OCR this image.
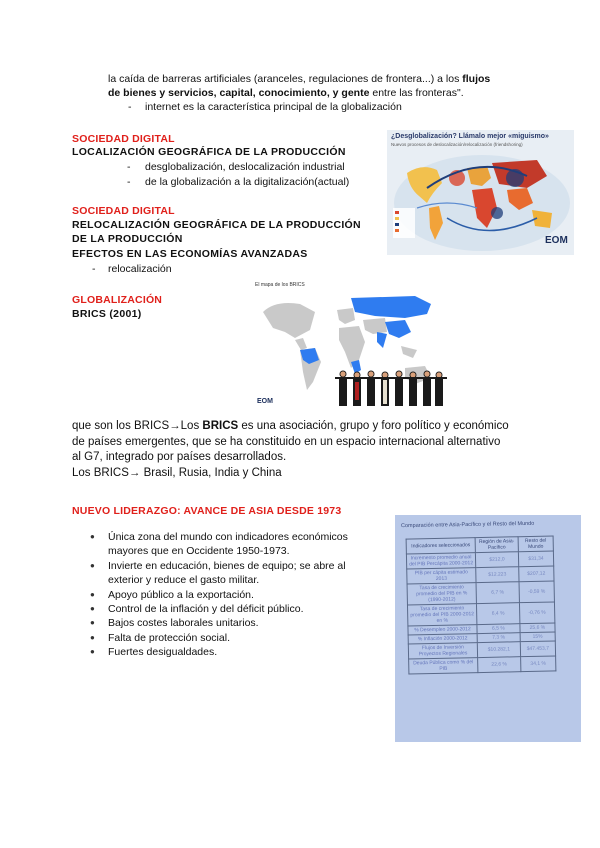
la caída de barreras artificiales (aranceles, regulaciones de frontera...) a los flujos
de bienes y servicios, capital, conocimiento, y gente entre las fronteras".
- internet es la característica principal de la globalización
SOCIEDAD DIGITAL
LOCALIZACIÓN GEOGRÁFICA DE LA PRODUCCIÓN
- desglobalización, deslocalización industrial
- de la globalización a la digitalización(actual)
¿Desglobalización? Llámalo mejor «miguismo»
Nuevos procesos de deslocalización/relocalización (friendshoring)
EOM
SOCIEDAD DIGITAL
RELOCALIZACIÓN GEOGRÁFICA DE LA PRODUCCIÓN
DE LA PRODUCCIÓN
EFECTOS EN LAS ECONOMÍAS AVANZADAS
- relocalización
GLOBALIZACIÓN
BRICS (2001)
El mapa de los BRICS
EOM
que son los BRICS→Los BRICS es una asociación, grupo y foro político y económico
de países emergentes, que se ha constituido en un espacio internacional alternativo
al G7, integrado por países desarrollados.
Los BRICS→ Brasil, Rusia, India y China
NUEVO LIDERAZGO: AVANCE DE ASIA DESDE 1973
● Única zona del mundo con indicadores económicos mayores que en Occidente 1950-1973.
● Invierte en educación, bienes de equipo; se abre al exterior y reduce el gasto militar.
● Apoyo público a la exportación.
● Control de la inflación y del déficit público.
● Bajos costes laborales unitarios.
● Falta de protección social.
● Fuertes desigualdades.
Comparación entre Asia-Pacífico y el Resto del Mundo
Indicadores seleccionados	Región de Asia-Pacífico	Resto del Mundo
Incremento promedio anual del PIB Percápita 2000-2012	$212,0	$31,34
PIB per cápita estimado 2013	$12.223	$207,12
Tasa de crecimiento promedio del PIB en % (1990-2012)	6,7 %	-0,59 %
Tasa de crecimiento promedio del PIB 2000-2012 en %	6,4 %	-0,76 %
% Desempleo 2000-2012	6,5 %	25,6 %
% Inflación 2000-2012	7,3 %	15%
Flujos de Inversión Proyectos Regionales	$10.282,1	$47.453,7
Deuda Pública como % del PIB	22,6 %	34,1 %
